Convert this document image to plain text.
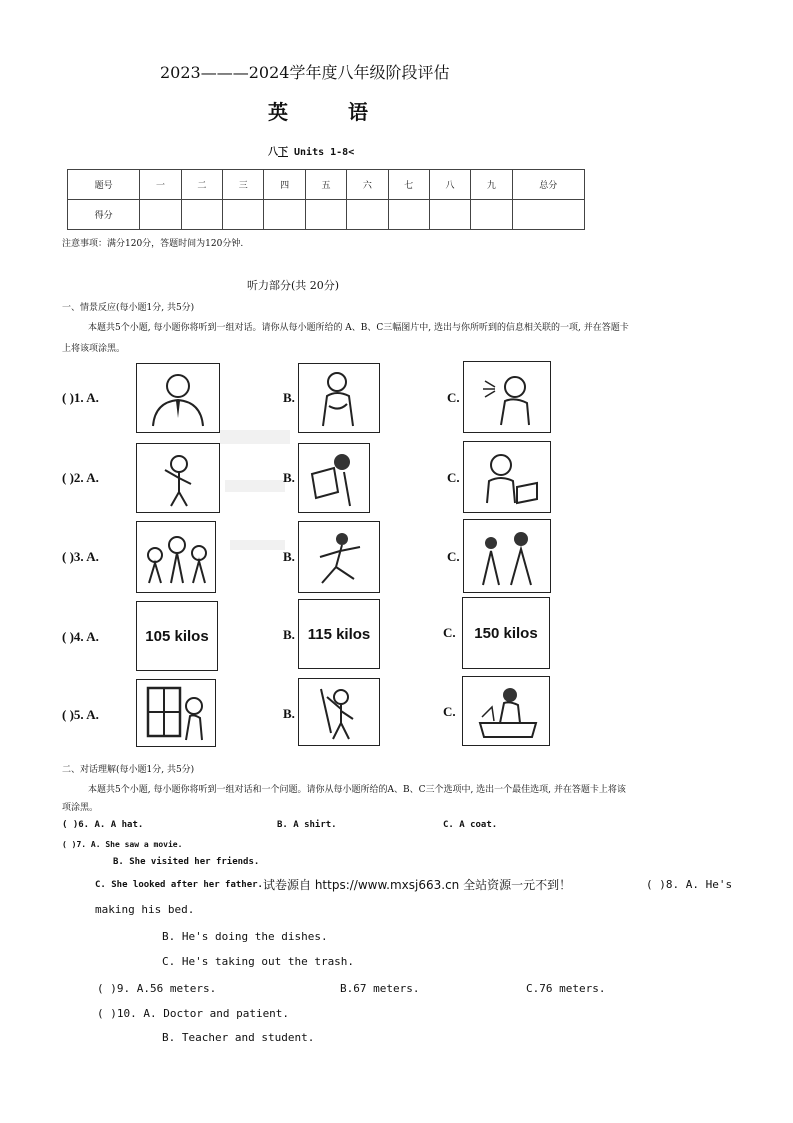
2023———2024学年度八年级阶段评估
英语
八下 Units 1-8<
题号	一	二	三	四	五	六	七	八	九	总分
得分										
注意事项：满分120分，答题时间为120分钟.
听力部分(共 20分)
一、情景反应(每小题1分, 共5分)
本题共5个小题, 每小题你将听到一组对话。请你从每小题所给的 A、B、C三幅图片中, 选出与你所听到的信息相关联的一项, 并在答题卡
上将该项涂黑。
( )1. A.	B.	C.
( )2. A.	B.	C.
( )3. A.	B.	C.
( )4. A.	105 kilos	B. 115 kilos	C. 150 kilos
( )5. A.	B.	C.
二、对话理解(每小题1分, 共5分)
本题共5个小题, 每小题你将听到一组对话和一个问题。请你从每小题所给的A、B、C三个选项中, 选出一个最佳选项, 并在答题卡上将该
项涂黑。
( )6. A. A hat.	B. A shirt.	C. A coat.
( )7. A. She saw a movie.
B. She visited her friends.
C. She looked after her father. 试卷源自 https://www.mxsj663.cn 全站资源一元不到！	( )8. A. He's
making his bed.
B. He's doing the dishes.
C. He's taking out the trash.
( )9. A.56 meters.	B.67 meters.	C.76 meters.
( )10. A. Doctor and patient.
B. Teacher and student.
